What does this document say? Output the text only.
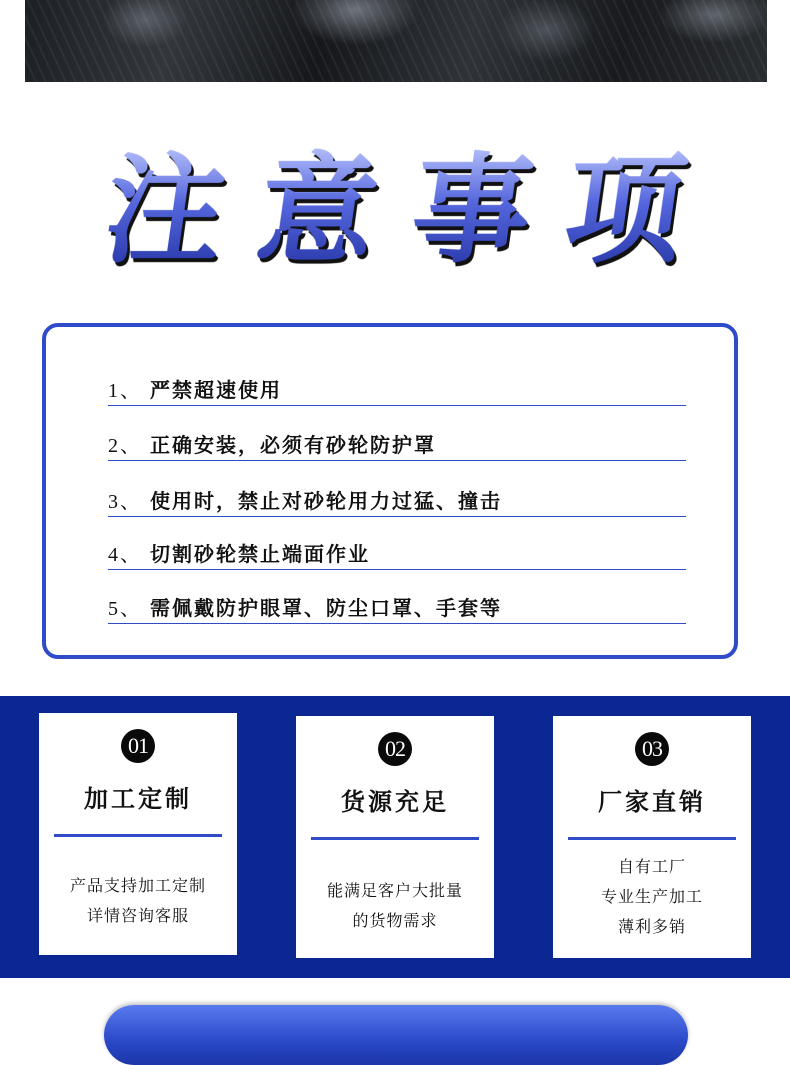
注 意 事 项
1、 严禁超速使用
2、 正确安装，必须有砂轮防护罩
3、 使用时，禁止对砂轮用力过猛、撞击
4、 切割砂轮禁止端面作业
5、 需佩戴防护眼罩、防尘口罩、手套等
01
加工定制
产品支持加工定制
详情咨询客服
02
货源充足
能满足客户大批量
的货物需求
03
厂家直销
自有工厂
专业生产加工
薄利多销
